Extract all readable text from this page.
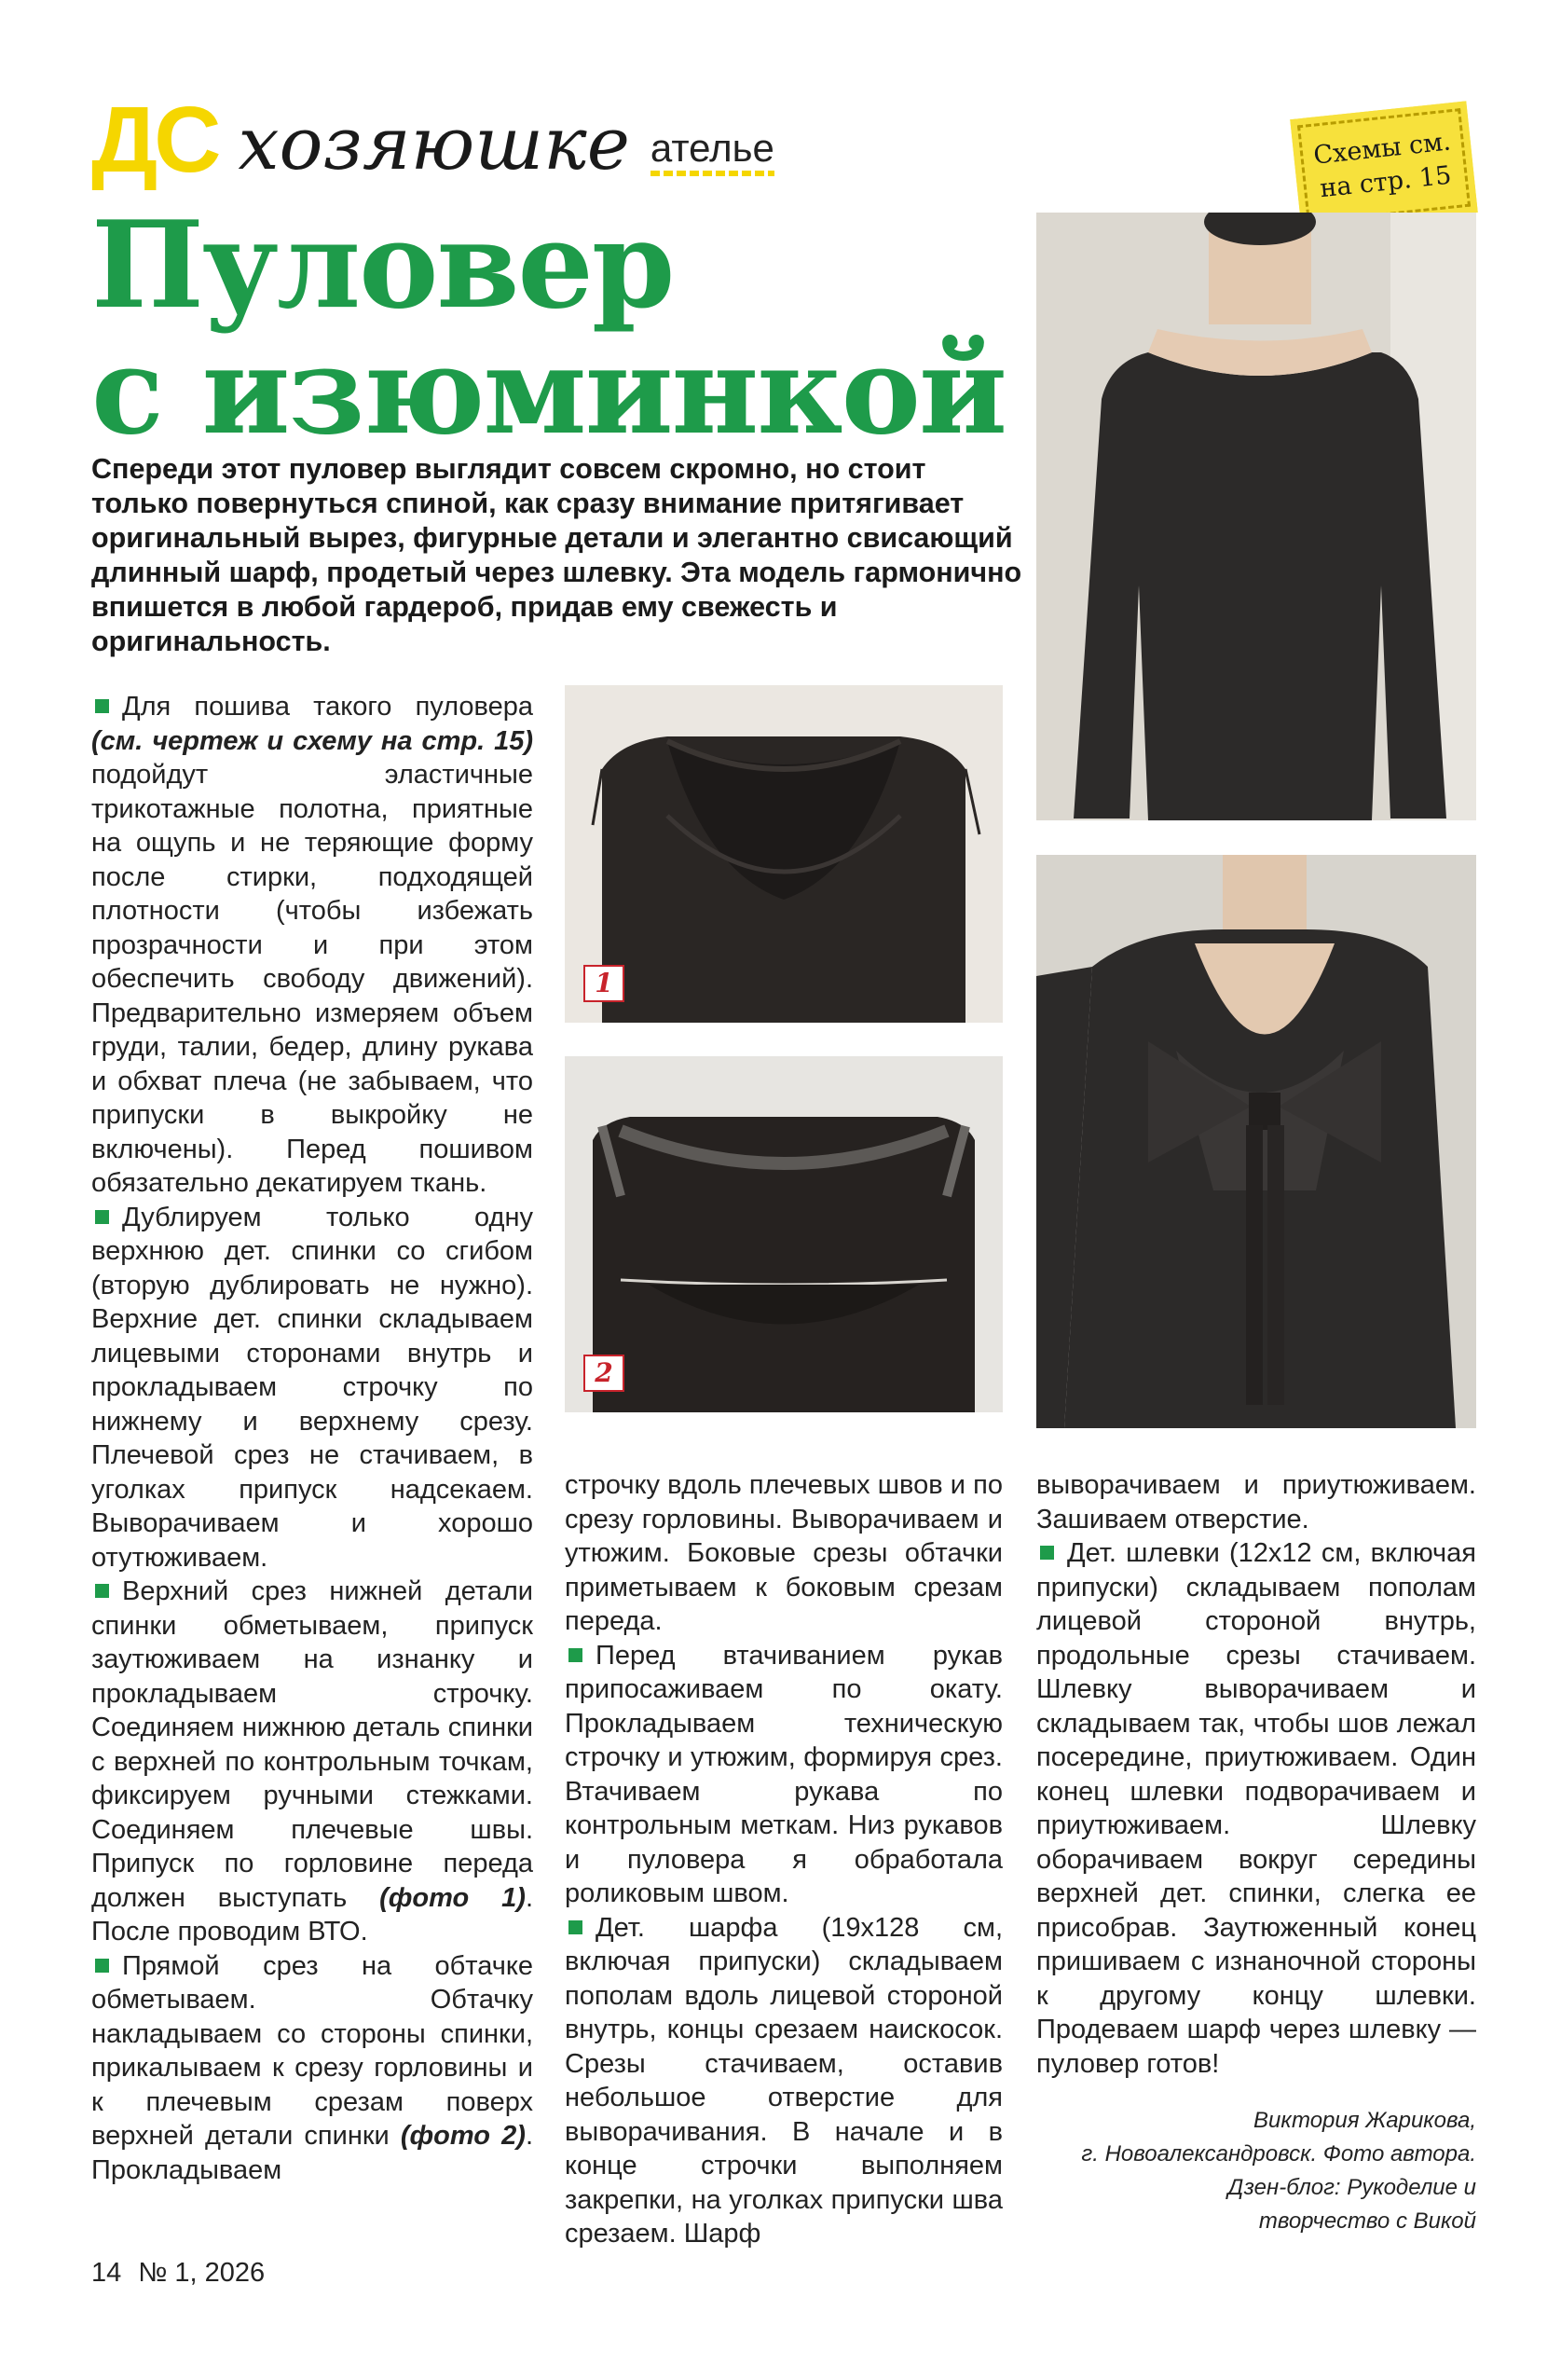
ДС хозяюшке ателье	Схемы см.
на стр. 15
Пуловер
с изюминкой

Спереди этот пуловер выглядит совсем скромно, но стоит только повернуться спиной, как сразу внимание притягивает оригинальный вырез, фигурные детали и элегантно свисающий длинный шарф, продетый через шлевку. Эта модель гармонично впишется в любой гардероб, придав ему свежесть и оригинальность.

Для пошива такого пуловера (см. чертеж и схему на стр. 15) подойдут эластичные трикотажные полотна, приятные на ощупь и не теряющие форму после стирки, подходящей плотности (чтобы избежать прозрачности и при этом обеспечить свободу движений). Предварительно измеряем объем груди, талии, бедер, длину рукава и обхват плеча (не забываем, что припуски в выкройку не включены). Перед пошивом обязательно декатируем ткань.

Дублируем только одну верхнюю дет. спинки со сгибом (вторую дублировать не нужно). Верхние дет. спинки складываем лицевыми сторонами внутрь и прокладываем строчку по нижнему и верхнему срезу. Плечевой срез не стачиваем, в уголках припуск надсекаем. Выворачиваем и хорошо отутюживаем.

Верхний срез нижней детали спинки обметываем, припуск заутюживаем на изнанку и прокладываем строчку. Соединяем нижнюю деталь спинки с верхней по контрольным точкам, фиксируем ручными стежками. Соединяем плечевые швы. Припуск по горловине переда должен выступать (фото 1). После проводим ВТО.

Прямой срез на обтачке обметываем. Обтачку накладываем со стороны спинки, прикалываем к срезу горловины и к плечевым срезам поверх верхней детали спинки (фото 2). Прокладываем

строчку вдоль плечевых швов и по срезу горловины. Выворачиваем и утюжим. Боковые срезы обтачки приметываем к боковым срезам переда.

Перед втачиванием рукав припосаживаем по окату. Прокладываем техническую строчку и утюжим, формируя срез. Втачиваем рукава по контрольным меткам. Низ рукавов и пуловера я обработала роликовым швом.

Дет. шарфа (19x128 см, включая припуски) складываем пополам вдоль лицевой стороной внутрь, концы срезаем наискосок. Срезы стачиваем, оставив небольшое отверстие для выворачивания. В начале и в конце строчки выполняем закрепки, на уголках припуски шва срезаем. Шарф

выворачиваем и приутюживаем. Зашиваем отверстие.

Дет. шлевки (12x12 см, включая припуски) складываем пополам лицевой стороной внутрь, продольные срезы стачиваем. Шлевку выворачиваем и складываем так, чтобы шов лежал посередине, приутюживаем. Один конец шлевки подворачиваем и приутюживаем. Шлевку оборачиваем вокруг середины верхней дет. спинки, слегка ее присобрав. Заутюженный конец пришиваем с изнаночной стороны к другому концу шлевки. Продеваем шарф через шлевку — пуловер готов!

Виктория Жарикова,
г. Новоалександровск. Фото автора.
Дзен-блог: Рукоделие и
творчество с Викой
14 № 1, 2026
1
2
